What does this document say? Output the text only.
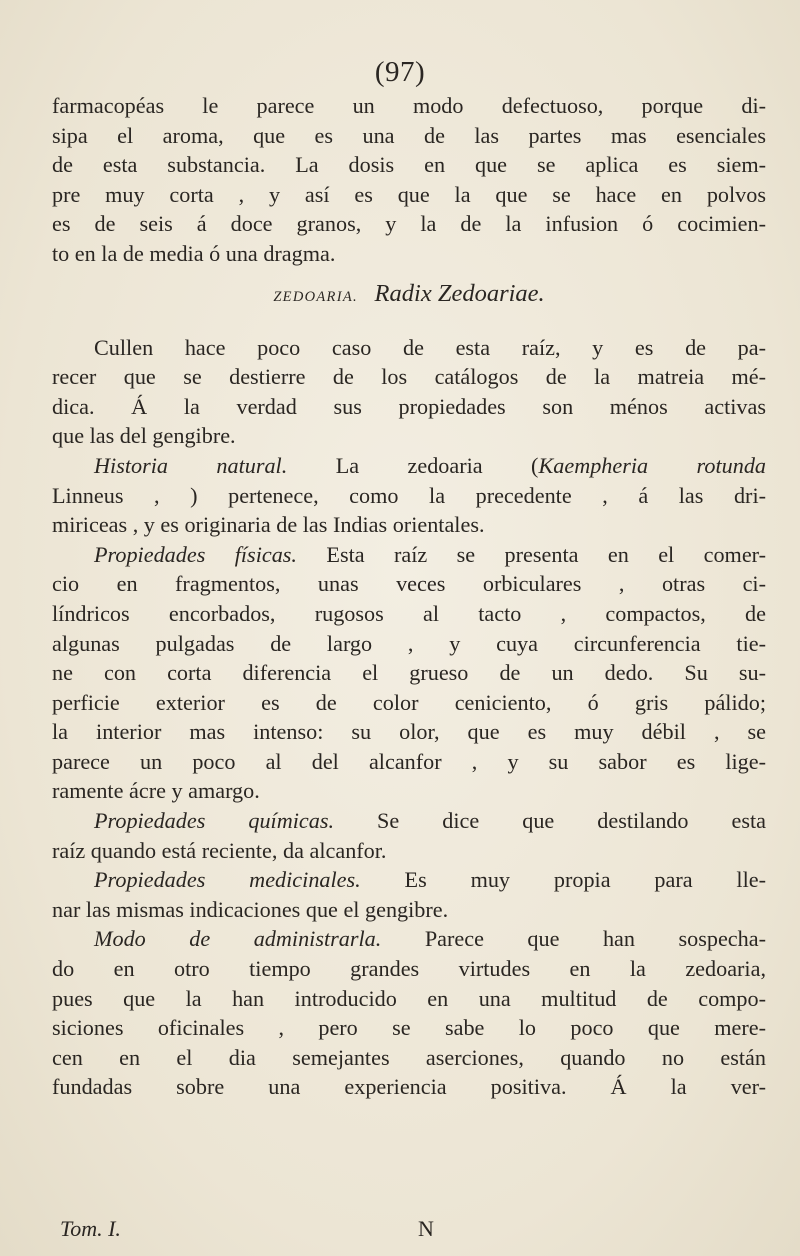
(97)
farmacopéas le parece un modo defectuoso, porque di-
sipa el aroma, que es una de las partes mas esenciales
de esta substancia. La dosis en que se aplica es siem-
pre muy corta , y así es que la que se hace en polvos
es de seis á doce granos, y la de la infusion ó cocimien-
to en la de media ó una dragma.
ZEDOARIA. Radix Zedoariae.
Cullen hace poco caso de esta raíz, y es de pa-
recer que se destierre de los catálogos de la matreia mé-
dica. Á la verdad sus propiedades son ménos activas
que las del gengibre.
Historia natural. La zedoaria (Kaempheria rotunda
Linneus , ) pertenece, como la precedente , á las dri-
miriceas , y es originaria de las Indias orientales.
Propiedades físicas. Esta raíz se presenta en el comer-
cio en fragmentos, unas veces orbiculares , otras ci-
líndricos encorbados, rugosos al tacto , compactos, de
algunas pulgadas de largo , y cuya circunferencia tie-
ne con corta diferencia el grueso de un dedo. Su su-
perficie exterior es de color ceniciento, ó gris pálido;
la interior mas intenso: su olor, que es muy débil , se
parece un poco al del alcanfor , y su sabor es lige-
ramente ácre y amargo.
Propiedades químicas. Se dice que destilando esta
raíz quando está reciente, da alcanfor.
Propiedades medicinales. Es muy propia para lle-
nar las mismas indicaciones que el gengibre.
Modo de administrarla. Parece que han sospecha-
do en otro tiempo grandes virtudes en la zedoaria,
pues que la han introducido en una multitud de compo-
siciones oficinales , pero se sabe lo poco que mere-
cen en el dia semejantes aserciones, quando no están
fundadas sobre una experiencia positiva. Á la ver-
Tom. I.	N
